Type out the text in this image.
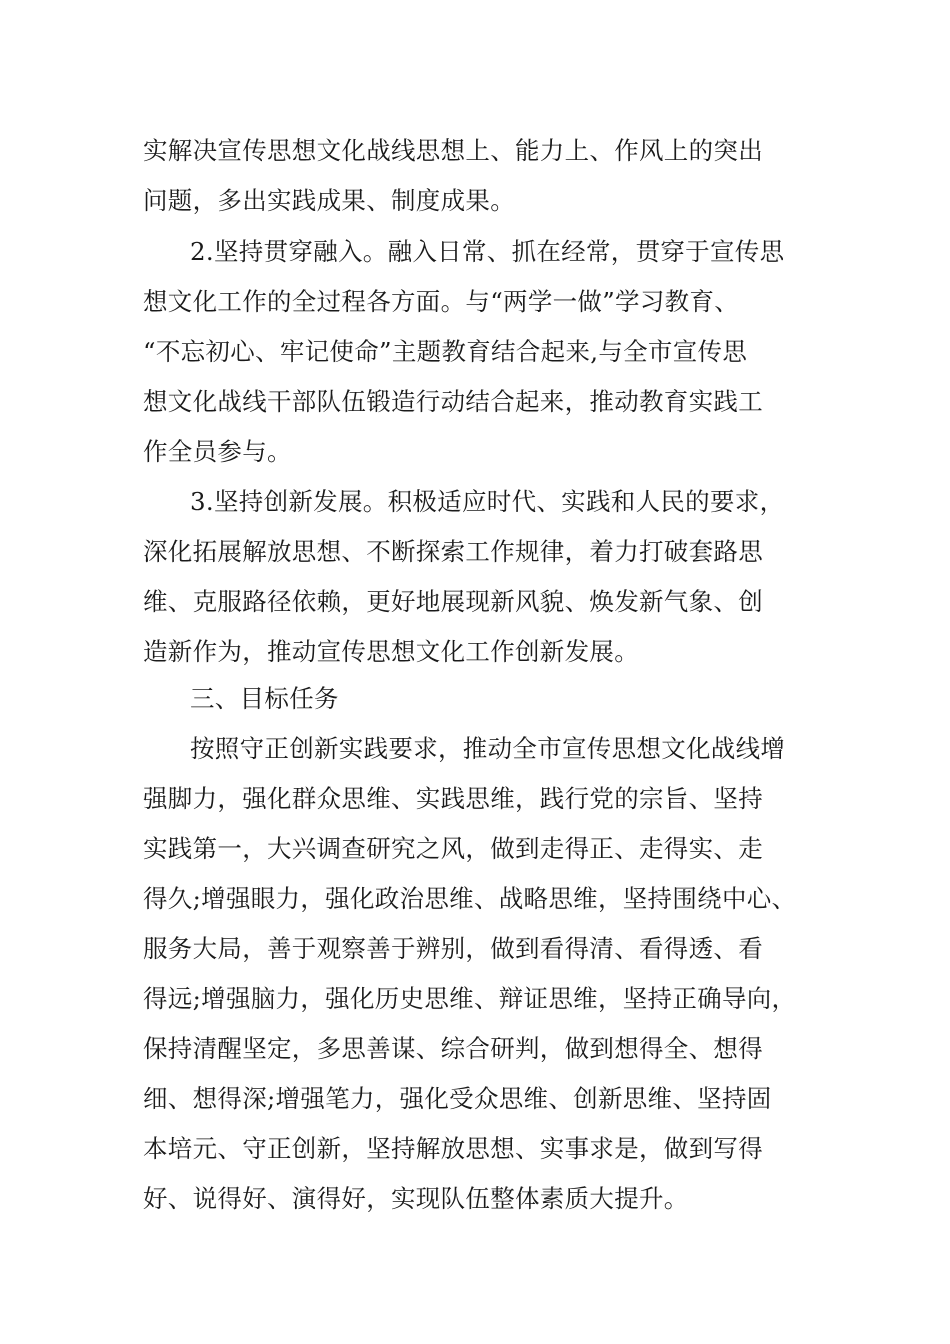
实解决宣传思想文化战线思想上、能力上、作风上的突出
问题，多出实践成果、制度成果。
2.坚持贯穿融入。融入日常、抓在经常，贯穿于宣传思
想文化工作的全过程各方面。与“两学一做”学习教育、
“不忘初心、牢记使命”主题教育结合起来,与全市宣传思
想文化战线干部队伍锻造行动结合起来，推动教育实践工
作全员参与。
3.坚持创新发展。积极适应时代、实践和人民的要求，
深化拓展解放思想、不断探索工作规律，着力打破套路思
维、克服路径依赖，更好地展现新风貌、焕发新气象、创
造新作为，推动宣传思想文化工作创新发展。
三、目标任务
按照守正创新实践要求，推动全市宣传思想文化战线增
强脚力，强化群众思维、实践思维，践行党的宗旨、坚持
实践第一，大兴调查研究之风，做到走得正、走得实、走
得久;增强眼力，强化政治思维、战略思维，坚持围绕中心、
服务大局，善于观察善于辨别，做到看得清、看得透、看
得远;增强脑力，强化历史思维、辩证思维，坚持正确导向，
保持清醒坚定，多思善谋、综合研判，做到想得全、想得
细、想得深;增强笔力，强化受众思维、创新思维、坚持固
本培元、守正创新，坚持解放思想、实事求是，做到写得
好、说得好、演得好，实现队伍整体素质大提升。
